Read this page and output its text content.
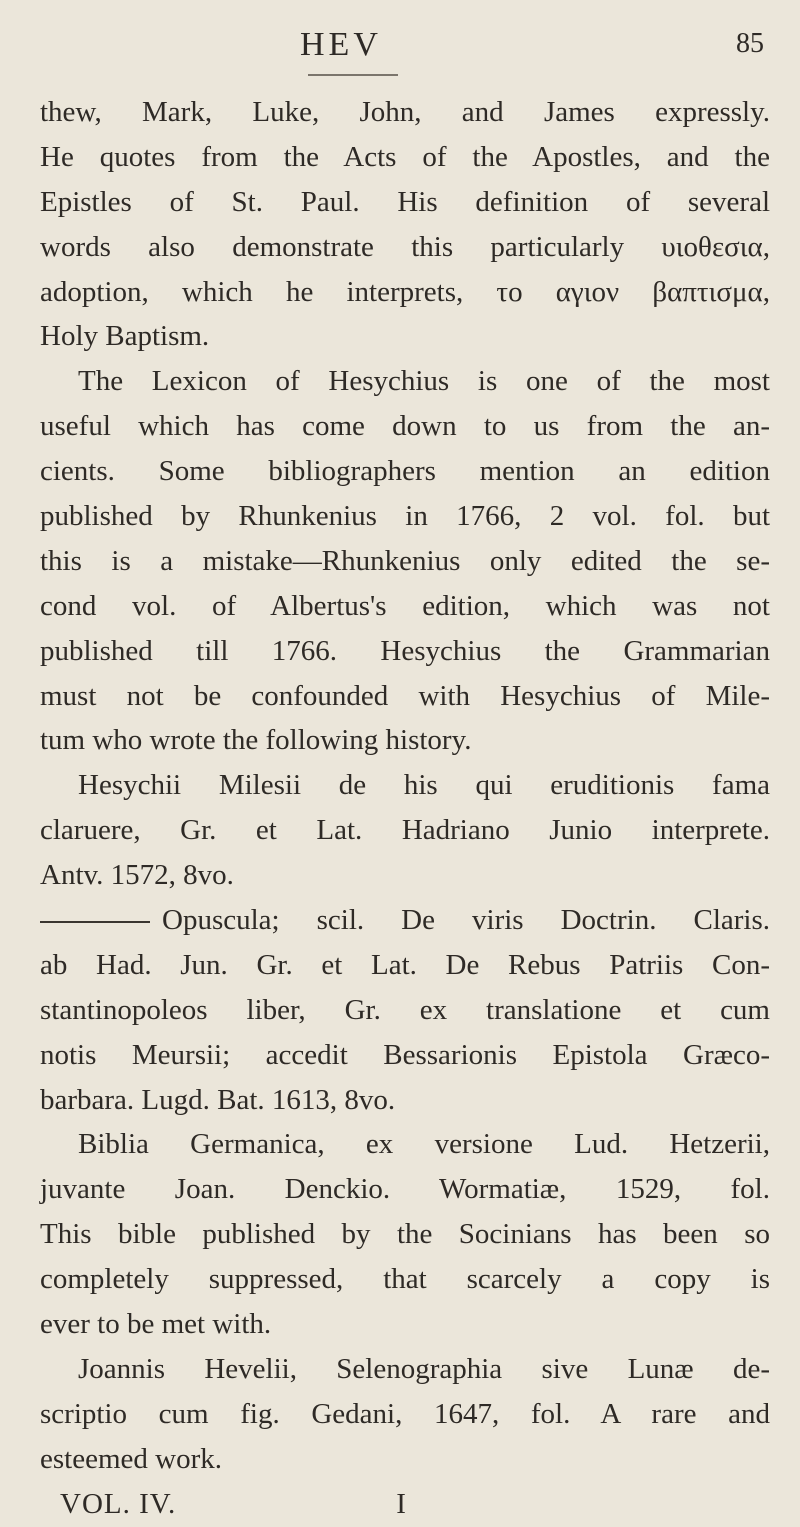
HEV	85
thew, Mark, Luke, John, and James expressly.
He quotes from the Acts of the Apostles, and the
Epistles of St. Paul. His definition of several
words also demonstrate this particularly υιοθεσια,
adoption, which he interprets, το αγιον βαπτισμα,
Holy Baptism.
The Lexicon of Hesychius is one of the most
useful which has come down to us from the an-
cients. Some bibliographers mention an edition
published by Rhunkenius in 1766, 2 vol. fol. but
this is a mistake—Rhunkenius only edited the se-
cond vol. of Albertus's edition, which was not
published till 1766. Hesychius the Grammarian
must not be confounded with Hesychius of Mile-
tum who wrote the following history.
Hesychii Milesii de his qui eruditionis fama
claruere, Gr. et Lat. Hadriano Junio interprete.
Antv. 1572, 8vo.
Opuscula; scil. De viris Doctrin. Claris.
ab Had. Jun. Gr. et Lat. De Rebus Patriis Con-
stantinopoleos liber, Gr. ex translatione et cum
notis Meursii; accedit Bessarionis Epistola Græco-
barbara. Lugd. Bat. 1613, 8vo.
Biblia Germanica, ex versione Lud. Hetzerii,
juvante Joan. Denckio. Wormatiæ, 1529, fol.
This bible published by the Socinians has been so
completely suppressed, that scarcely a copy is
ever to be met with.
Joannis Hevelii, Selenographia sive Lunæ de-
scriptio cum fig. Gedani, 1647, fol. A rare and
esteemed work.
VOL. IV.	I
